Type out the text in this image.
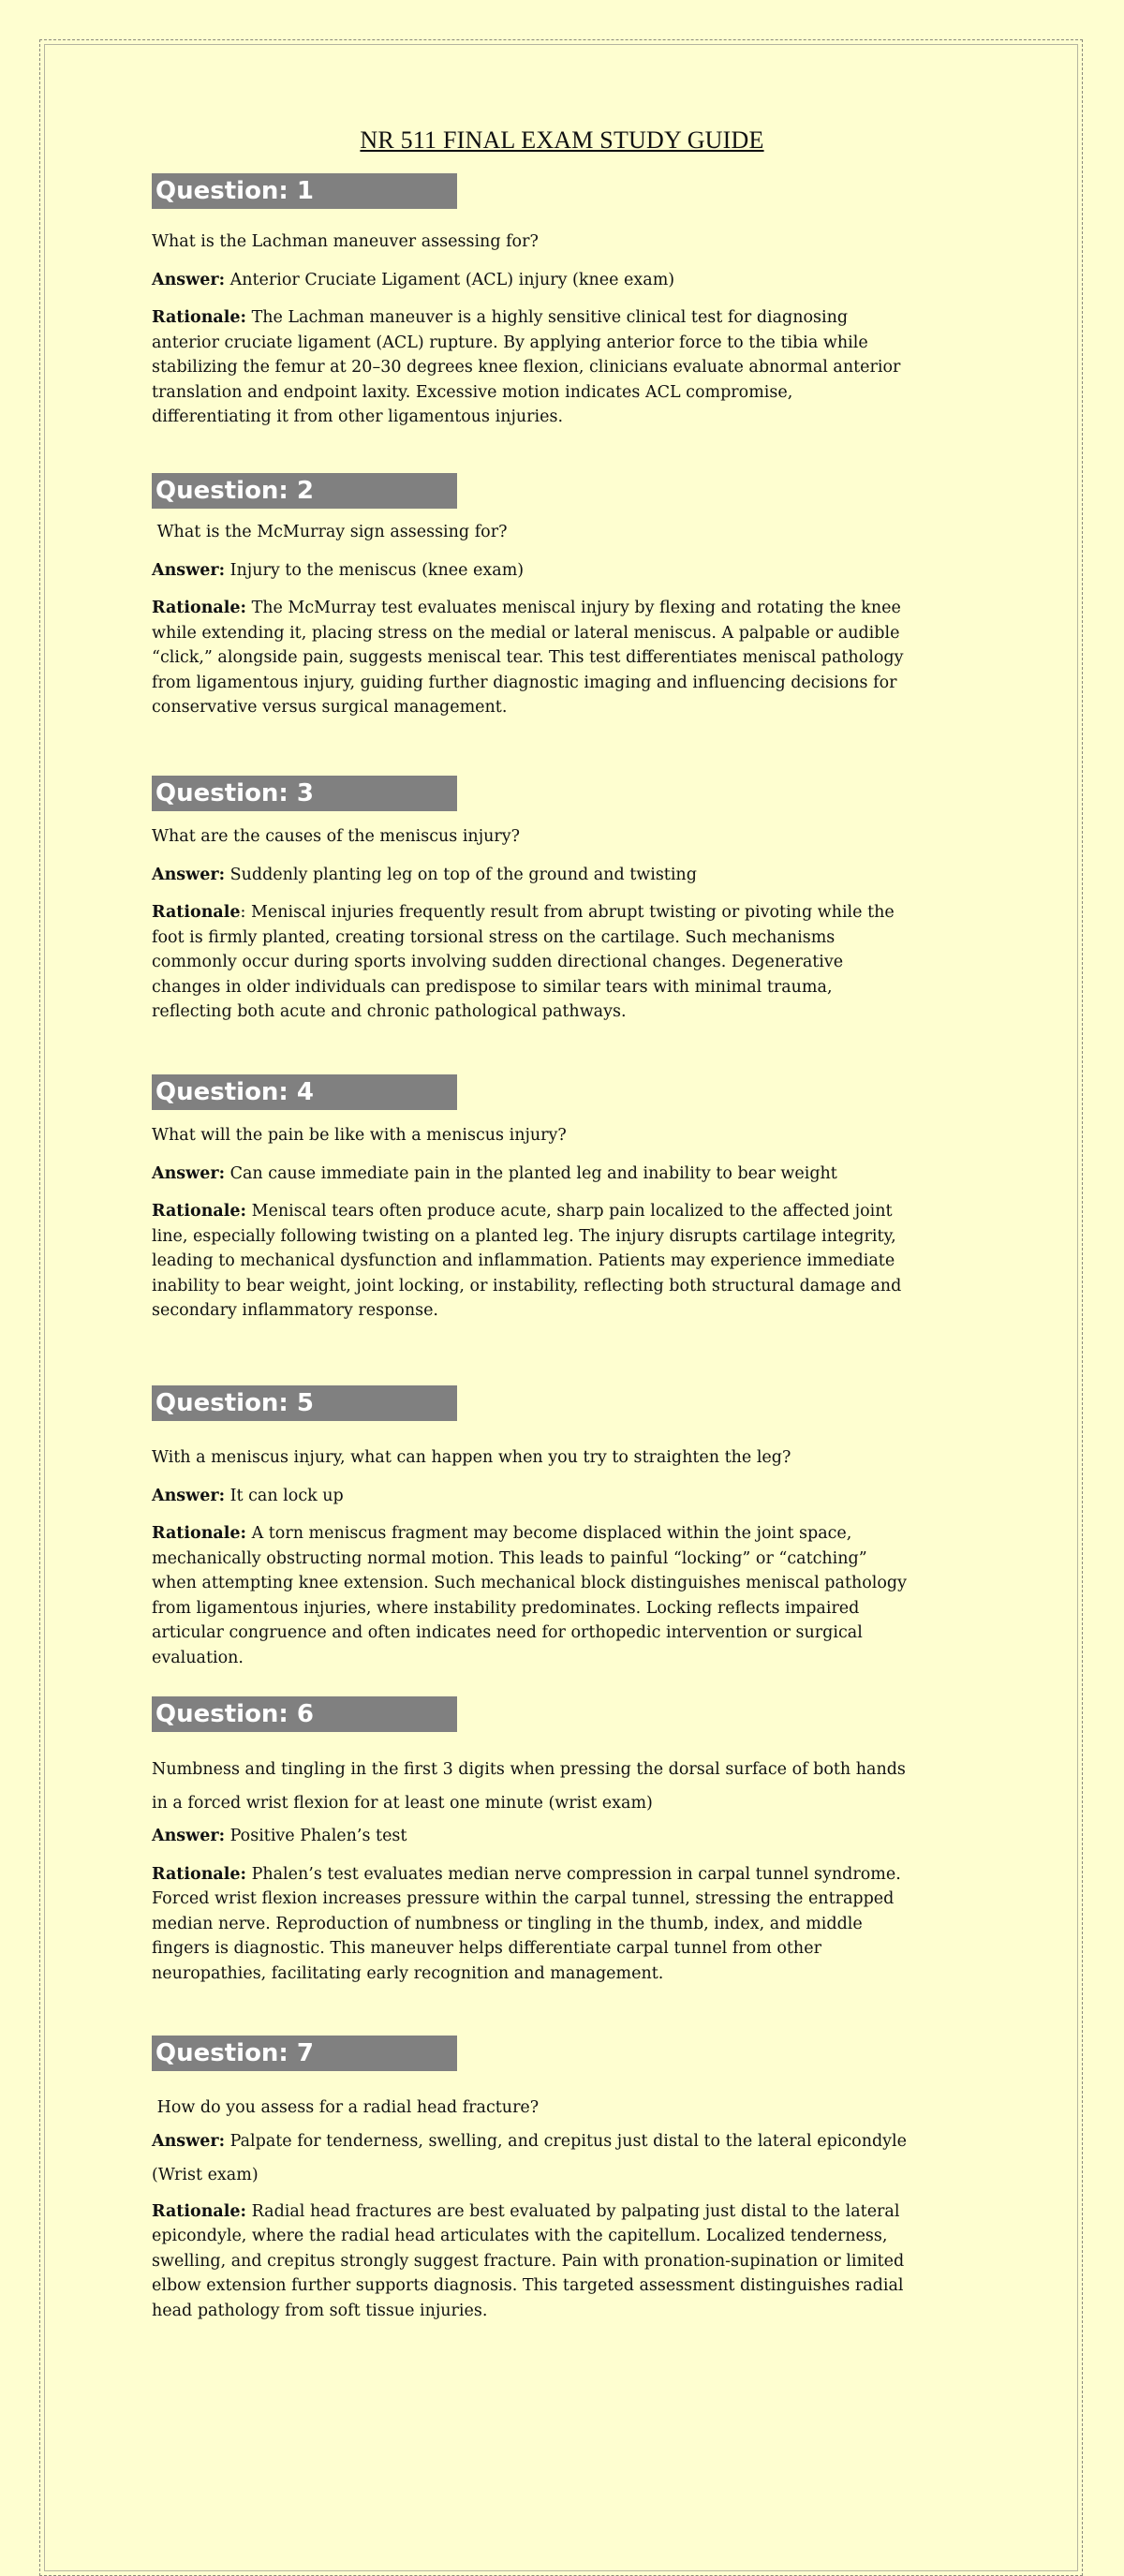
NR 511 FINAL EXAM STUDY GUIDE
Question: 1

What is the Lachman maneuver assessing for?

Answer: Anterior Cruciate Ligament (ACL) injury (knee exam)

Rationale: The Lachman maneuver is a highly sensitive clinical test for diagnosing anterior cruciate ligament (ACL) rupture. By applying anterior force to the tibia while stabilizing the femur at 20–30 degrees knee flexion, clinicians evaluate abnormal anterior translation and endpoint laxity. Excessive motion indicates ACL compromise, differentiating it from other ligamentous injuries.

Question: 2

What is the McMurray sign assessing for?

Answer: Injury to the meniscus (knee exam)

Rationale: The McMurray test evaluates meniscal injury by flexing and rotating the knee while extending it, placing stress on the medial or lateral meniscus. A palpable or audible “click,” alongside pain, suggests meniscal tear. This test differentiates meniscal pathology from ligamentous injury, guiding further diagnostic imaging and influencing decisions for conservative versus surgical management.

Question: 3

What are the causes of the meniscus injury?

Answer: Suddenly planting leg on top of the ground and twisting

Rationale: Meniscal injuries frequently result from abrupt twisting or pivoting while the foot is firmly planted, creating torsional stress on the cartilage. Such mechanisms commonly occur during sports involving sudden directional changes. Degenerative changes in older individuals can predispose to similar tears with minimal trauma, reflecting both acute and chronic pathological pathways.

Question: 4

What will the pain be like with a meniscus injury?

Answer: Can cause immediate pain in the planted leg and inability to bear weight

Rationale: Meniscal tears often produce acute, sharp pain localized to the affected joint line, especially following twisting on a planted leg. The injury disrupts cartilage integrity, leading to mechanical dysfunction and inflammation. Patients may experience immediate inability to bear weight, joint locking, or instability, reflecting both structural damage and secondary inflammatory response.

Question: 5

With a meniscus injury, what can happen when you try to straighten the leg?

Answer: It can lock up

Rationale: A torn meniscus fragment may become displaced within the joint space, mechanically obstructing normal motion. This leads to painful “locking” or “catching” when attempting knee extension. Such mechanical block distinguishes meniscal pathology from ligamentous injuries, where instability predominates. Locking reflects impaired articular congruence and often indicates need for orthopedic intervention or surgical evaluation.

Question: 6

Numbness and tingling in the first 3 digits when pressing the dorsal surface of both hands in a forced wrist flexion for at least one minute (wrist exam)

Answer: Positive Phalen’s test

Rationale: Phalen’s test evaluates median nerve compression in carpal tunnel syndrome. Forced wrist flexion increases pressure within the carpal tunnel, stressing the entrapped median nerve. Reproduction of numbness or tingling in the thumb, index, and middle fingers is diagnostic. This maneuver helps differentiate carpal tunnel from other neuropathies, facilitating early recognition and management.

Question: 7

How do you assess for a radial head fracture?

Answer: Palpate for tenderness, swelling, and crepitus just distal to the lateral epicondyle (Wrist exam)

Rationale: Radial head fractures are best evaluated by palpating just distal to the lateral epicondyle, where the radial head articulates with the capitellum. Localized tenderness, swelling, and crepitus strongly suggest fracture. Pain with pronation-supination or limited elbow extension further supports diagnosis. This targeted assessment distinguishes radial head pathology from soft tissue injuries.
